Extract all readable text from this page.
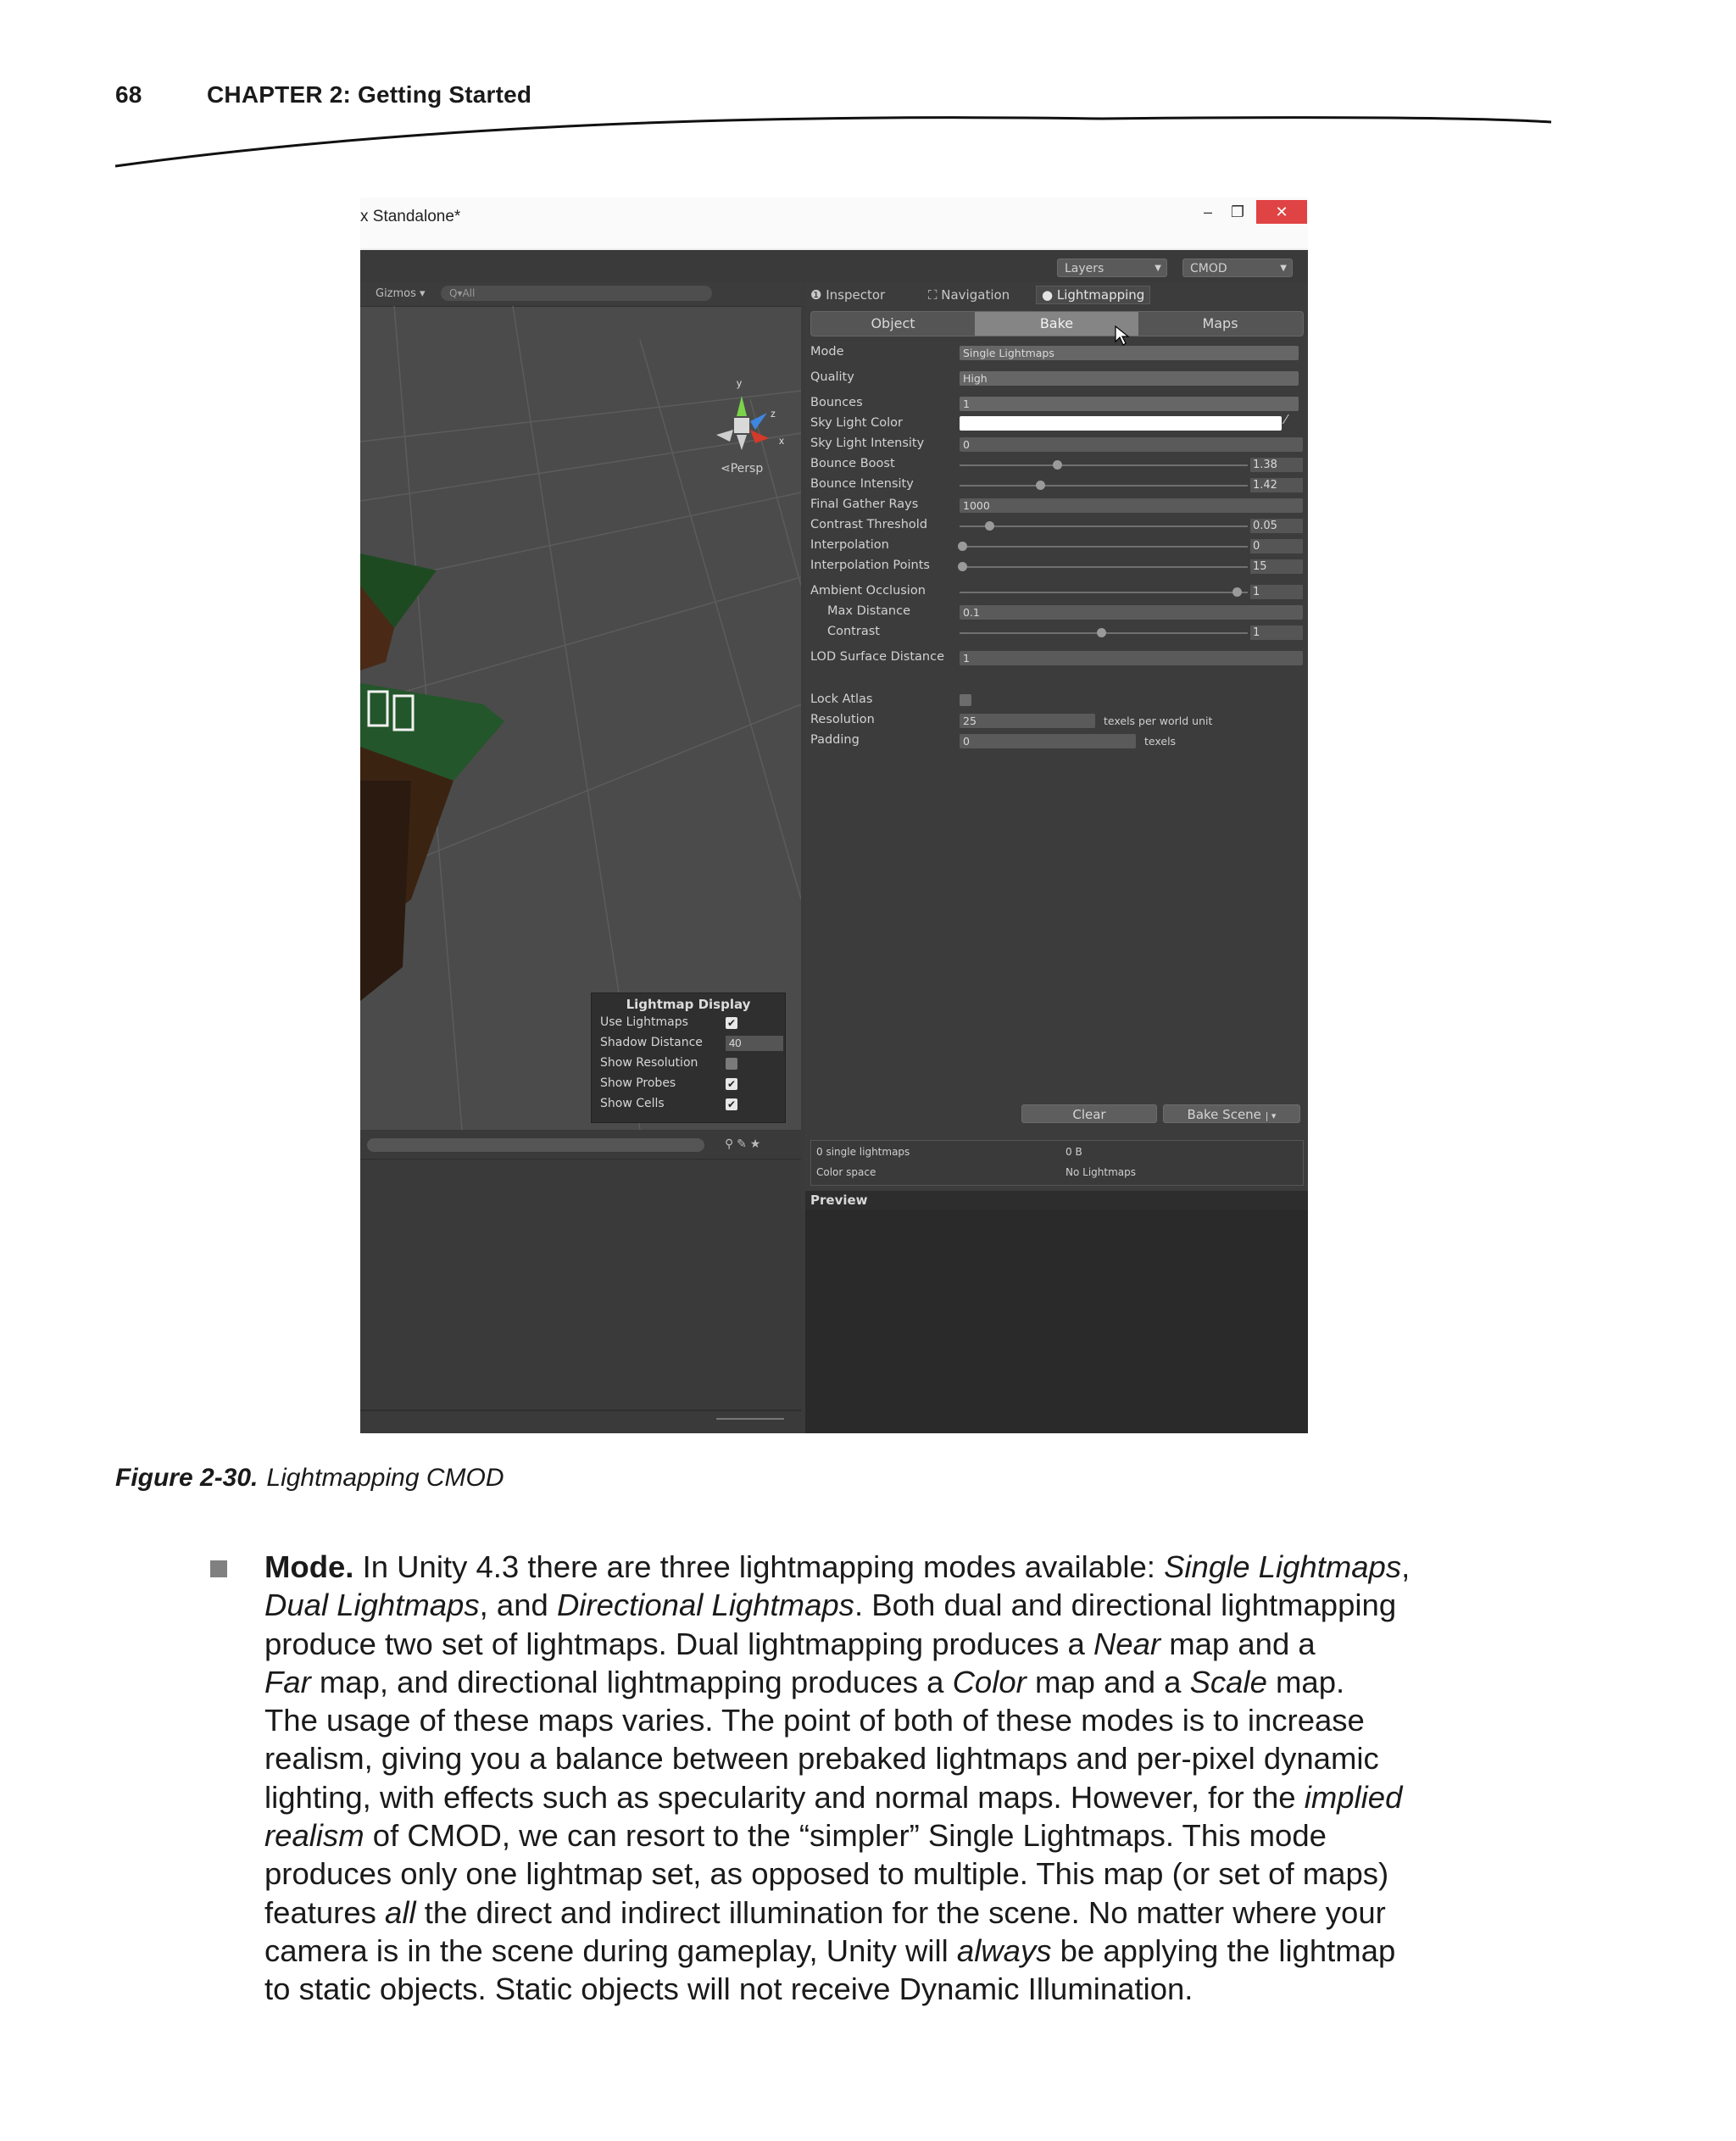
68	CHAPTER 2: Getting Started
x Standalone*	–	❐	✕
Layers	▼	CMOD	▼
Gizmos ▾	Q▾All
y
z
x
⋖Persp
Lightmap Display
Use Lightmaps	✔
Shadow Distance	40
Show Resolution
Show Probes	✔
Show Cells	✔
⚲ ✎ ★
❶ Inspector	⛶ Navigation	● Lightmapping
Object	Bake	Maps
Mode	Single Lightmaps
Quality	High
Bounces	1
Sky Light Color	⁄
Sky Light Intensity	0
Bounce Boost	1.38
Bounce Intensity	1.42
Final Gather Rays	1000
Contrast Threshold	0.05
Interpolation	0
Interpolation Points	15
Ambient Occlusion	1
Max Distance	0.1
Contrast	1
LOD Surface Distance	1
Lock Atlas
Resolution	25	texels per world unit
Padding	0	texels
Clear	Bake Scene | ▾
0 single lightmaps	0 B
Color space	No Lightmaps
Preview
Figure 2-30. Lightmapping CMOD
Mode. In Unity 4.3 there are three lightmapping modes available: Single Lightmaps,
Dual Lightmaps, and Directional Lightmaps. Both dual and directional lightmapping
produce two set of lightmaps. Dual lightmapping produces a Near map and a
Far map, and directional lightmapping produces a Color map and a Scale map.
The usage of these maps varies. The point of both of these modes is to increase
realism, giving you a balance between prebaked lightmaps and per-pixel dynamic
lighting, with effects such as specularity and normal maps. However, for the implied
realism of CMOD, we can resort to the “simpler” Single Lightmaps. This mode
produces only one lightmap set, as opposed to multiple. This map (or set of maps)
features all the direct and indirect illumination for the scene. No matter where your
camera is in the scene during gameplay, Unity will always be applying the lightmap
to static objects. Static objects will not receive Dynamic Illumination.
